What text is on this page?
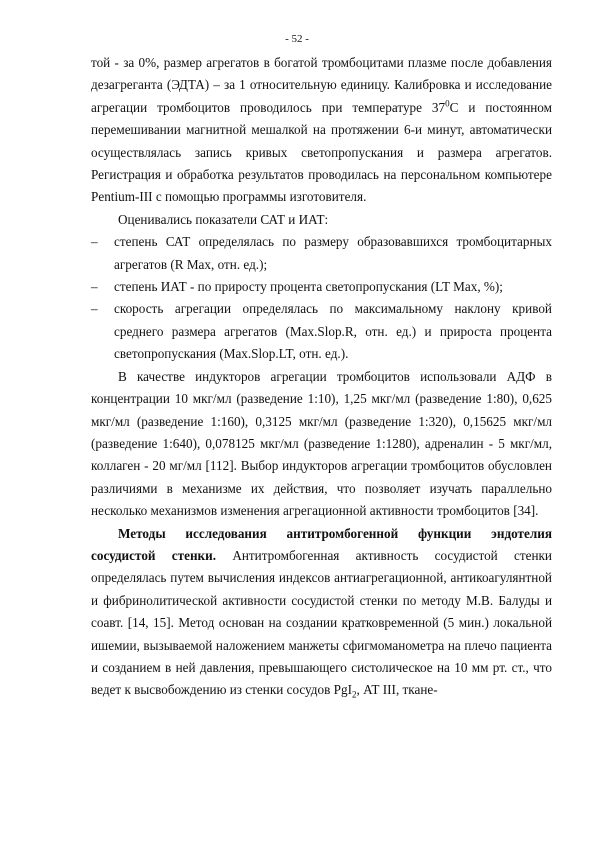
- 52 -

той - за 0%, размер агрегатов в богатой тромбоцитами плазме после добавления дезагреганта (ЭДТА) – за 1 относительную единицу. Калибровка и исследование агрегации тромбоцитов проводилось при температуре $37^0С$ и постоянном перемешивании магнитной мешалкой на протяжении 6-и минут, автоматически осуществлялась запись кривых светопропускания и размера агрегатов. Регистрация и обработка результатов проводилась на персональном компьютере Pentium-III с помощью программы изготовителя.

Оценивались показатели САТ и ИАТ:

– степень САТ определялась по размеру образовавшихся тромбоцитарных агрегатов (R Max, отн. ед.);
– степень ИАТ - по приросту процента светопропускания (LT Max, %);
– скорость агрегации определялась по максимальному наклону кривой среднего размера агрегатов (Max.Slop.R, отн. ед.) и прироста процента светопропускания (Max.Slop.LT, отн. ед.).

В качестве индукторов агрегации тромбоцитов использовали АДФ в концентрации 10 мкг/мл (разведение 1:10), 1,25 мкг/мл (разведение 1:80), 0,625 мкг/мл (разведение 1:160), 0,3125 мкг/мл (разведение 1:320), 0,15625 мкг/мл (разведение 1:640), 0,078125 мкг/мл (разведение 1:1280), адреналин - 5 мкг/мл, коллаген - 20 мг/мл [112]. Выбор индукторов агрегации тромбоцитов обусловлен различиями в механизме их действия, что позволяет изучать параллельно несколько механизмов изменения агрегационной активности тромбоцитов [34].

Методы исследования антитромбогенной функции эндотелия сосудистой стенки. Антитромбогенная активность сосудистой стенки определялась путем вычисления индексов антиагрегационной, антикоагулянтной и фибринолитической активности сосудистой стенки по методу М.В. Балуды и соавт. [14, 15]. Метод основан на создании кратковременной (5 мин.) локальной ишемии, вызываемой наложением манжеты сфигмоманометра на плечо пациента и созданием в ней давления, превышающего систолическое на 10 мм рт. ст., что ведет к высвобождению из стенки сосудов PgI$_2$, АТ III, ткане-
